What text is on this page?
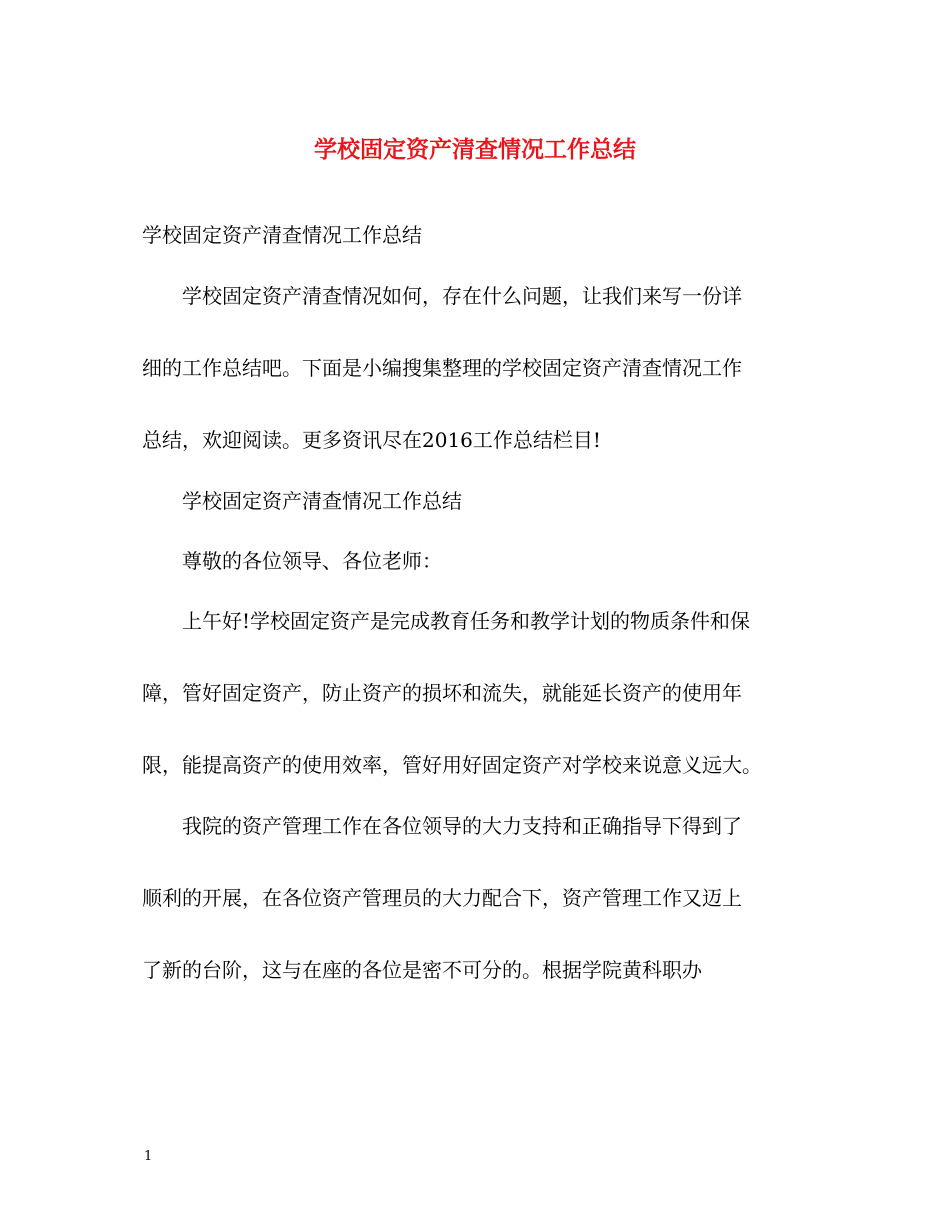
学校固定资产清查情况工作总结
学校固定资产清查情况工作总结
学校固定资产清查情况如何，存在什么问题，让我们来写一份详
细的工作总结吧。下面是小编搜集整理的学校固定资产清查情况工作
总结，欢迎阅读。更多资讯尽在2016工作总结栏目!
学校固定资产清查情况工作总结
尊敬的各位领导、各位老师：
上午好!学校固定资产是完成教育任务和教学计划的物质条件和保
障，管好固定资产，防止资产的损坏和流失，就能延长资产的使用年
限，能提高资产的使用效率，管好用好固定资产对学校来说意义远大。
我院的资产管理工作在各位领导的大力支持和正确指导下得到了
顺利的开展，在各位资产管理员的大力配合下，资产管理工作又迈上
了新的台阶，这与在座的各位是密不可分的。根据学院黄科职办
1
